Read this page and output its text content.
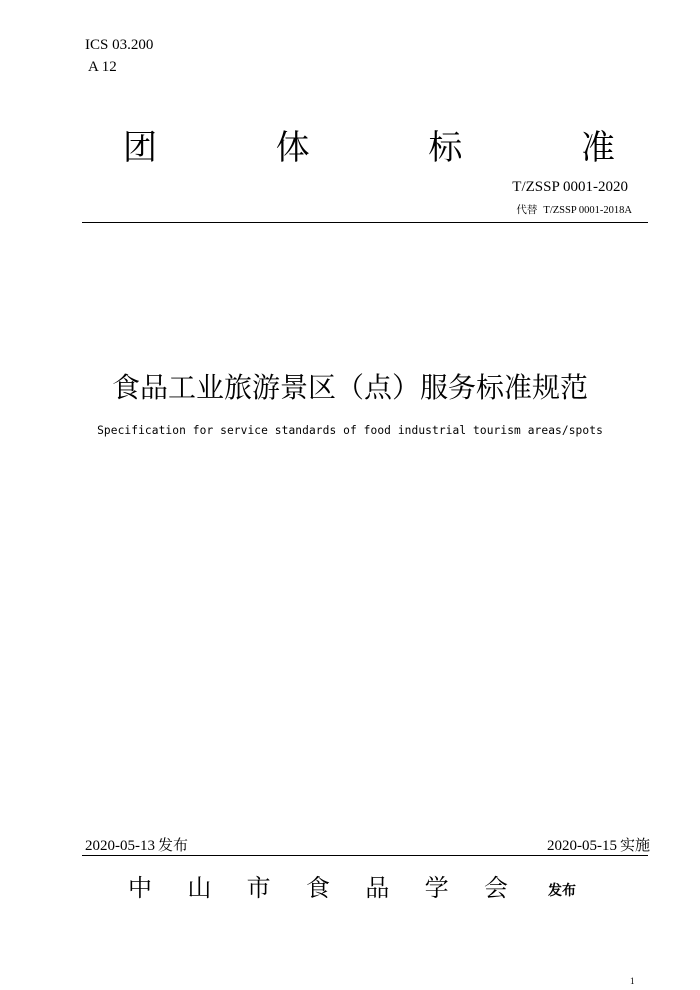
ICS 03.200
A 12
团	体	标	准
T/ZSSP 0001-2020
代替 T/ZSSP 0001-2018A
食品工业旅游景区（点）服务标准规范
Specification for service standards of food industrial tourism areas/spots
2020-05-13 发布	2020-05-15 实施
中 山 市 食 品 学 会	发布
1
